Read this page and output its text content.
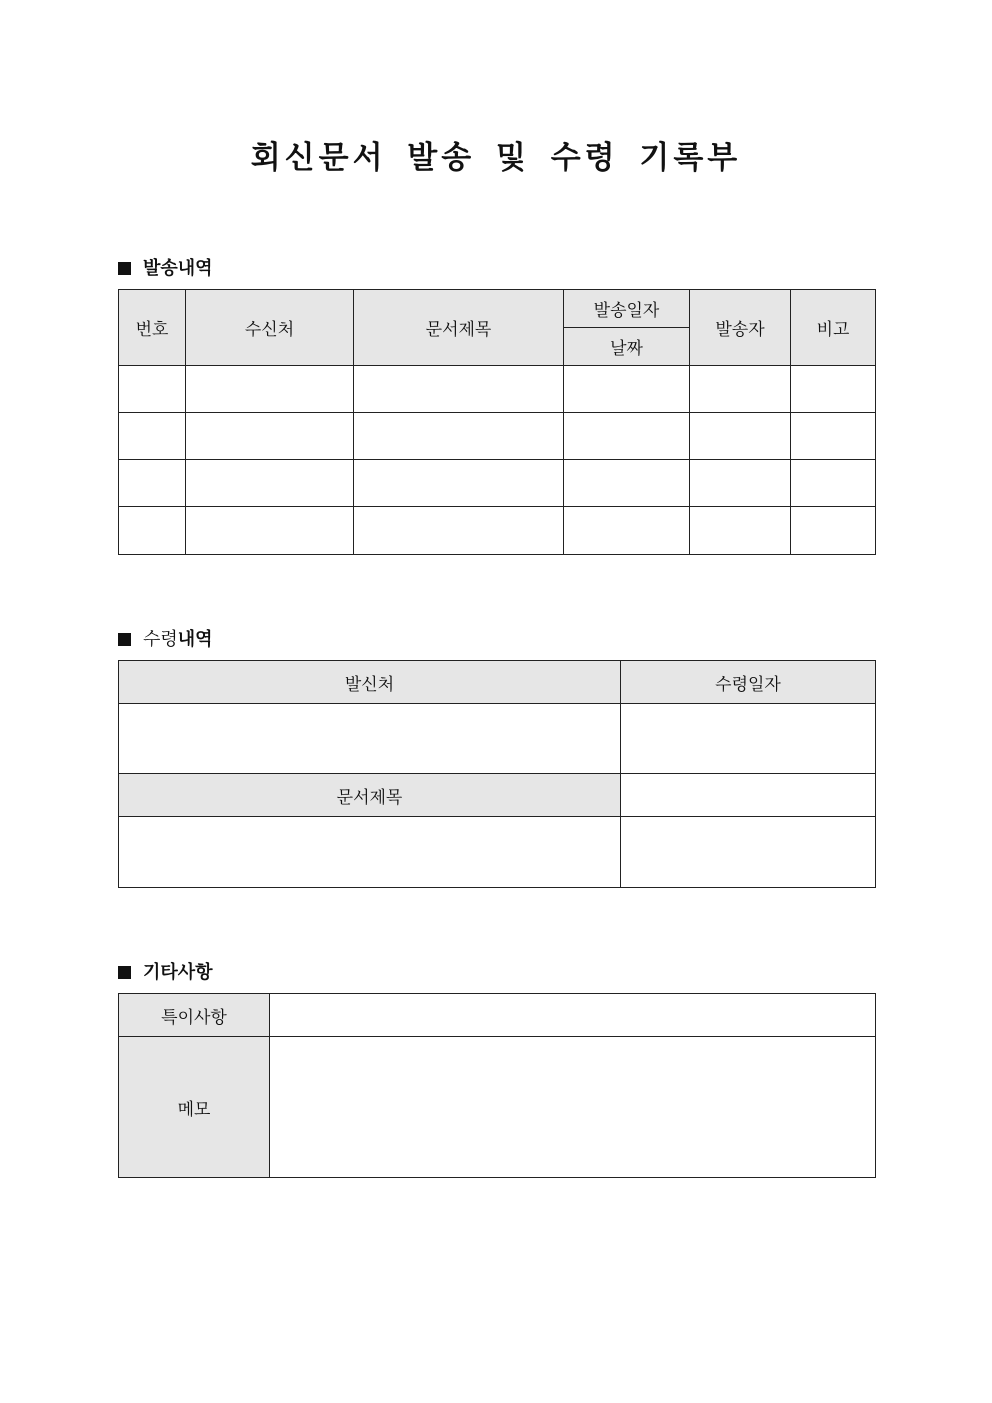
회신문서 발송 및 수령 기록부
발송내역
번호	수신처	문서제목	발송일자	발송자	비고
			날짜		

수령내역
발신처	수령일자

문서제목	

기타사항
특이사항	
메모	
